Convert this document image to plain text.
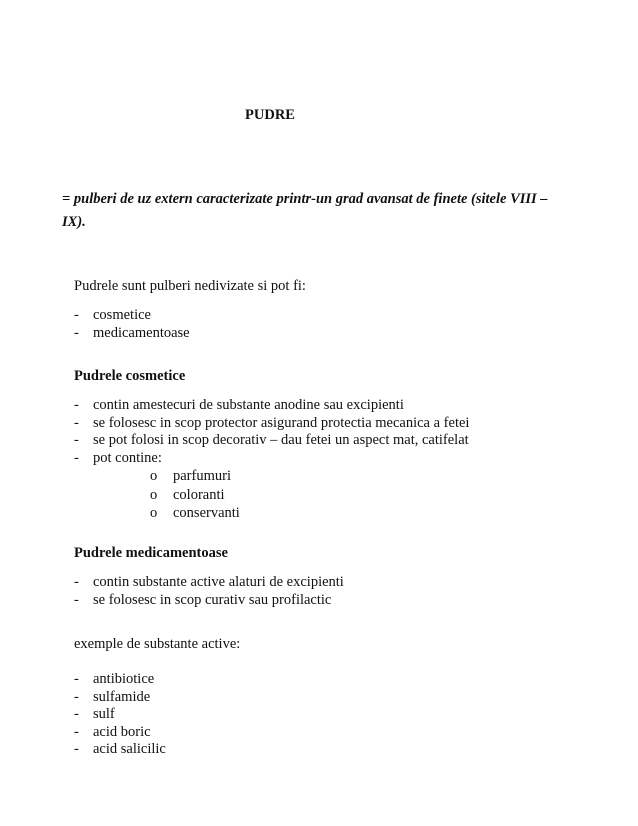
PUDRE
= pulberi de uz extern caracterizate printr-un grad avansat de finete (sitele VIII – IX).
Pudrele sunt pulberi nedivizate si pot fi:
- cosmetice
- medicamentoase
Pudrele cosmetice
- contin amestecuri de substante anodine sau excipienti
- se folosesc in scop protector asigurand protectia mecanica a fetei
- se pot folosi in scop decorativ – dau fetei un aspect mat, catifelat
- pot contine:
o parfumuri
o coloranti
o conservanti
Pudrele medicamentoase
- contin substante active alaturi de excipienti
- se folosesc in scop curativ sau profilactic
exemple de substante active:
- antibiotice
- sulfamide
- sulf
- acid boric
- acid salicilic
